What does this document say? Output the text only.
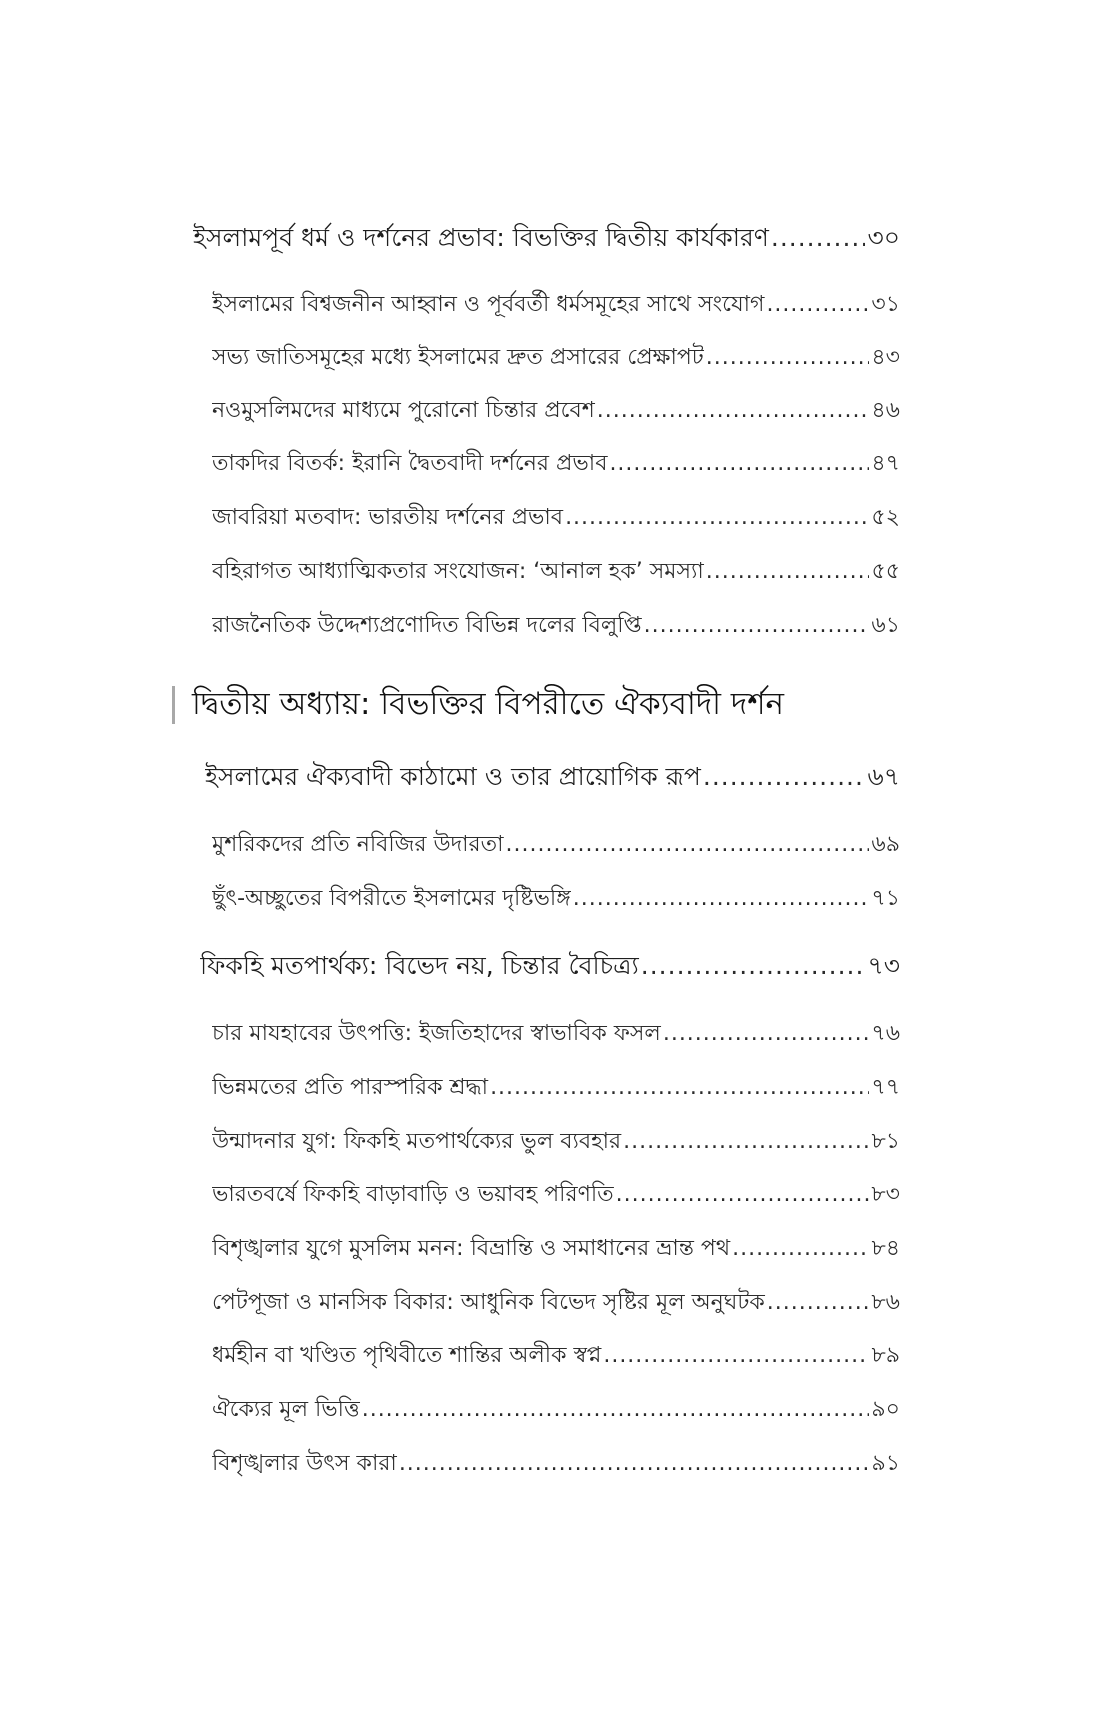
ইসলামপূর্ব ধর্ম ও দর্শনের প্রভাব: বিভক্তির দ্বিতীয় কার্যকারণ .....	৩০
ইসলামের বিশ্বজনীন আহ্বান ও পূর্ববর্তী ধর্মসমূহের সাথে সংযোগ .....	৩১
সভ্য জাতিসমূহের মধ্যে ইসলামের দ্রুত প্রসারের প্রেক্ষাপট .....	৪৩
নওমুসলিমদের মাধ্যমে পুরোনো চিন্তার প্রবেশ .....	৪৬
তাকদির বিতর্ক: ইরানি দ্বৈতবাদী দর্শনের প্রভাব .....	৪৭
জাবরিয়া মতবাদ: ভারতীয় দর্শনের প্রভাব .....	৫২
বহিরাগত আধ্যাত্মিকতার সংযোজন: ‘আনাল হক’ সমস্যা .....	৫৫
রাজনৈতিক উদ্দেশ্যপ্রণোদিত বিভিন্ন দলের বিলুপ্তি .....	৬১
দ্বিতীয় অধ্যায়: বিভক্তির বিপরীতে ঐক্যবাদী দর্শন
ইসলামের ঐক্যবাদী কাঠামো ও তার প্রায়োগিক রূপ .....	৬৭
মুশরিকদের প্রতি নবিজির উদারতা .....	৬৯
ছুঁৎ-অচ্ছুতের বিপরীতে ইসলামের দৃষ্টিভঙ্গি .....	৭১
ফিকহি মতপার্থক্য: বিভেদ নয়, চিন্তার বৈচিত্র্য .....	৭৩
চার মাযহাবের উৎপত্তি: ইজতিহাদের স্বাভাবিক ফসল .....	৭৬
ভিন্নমতের প্রতি পারস্পরিক শ্রদ্ধা .....	৭৭
উন্মাদনার যুগ: ফিকহি মতপার্থক্যের ভুল ব্যবহার .....	৮১
ভারতবর্ষে ফিকহি বাড়াবাড়ি ও ভয়াবহ পরিণতি .....	৮৩
বিশৃঙ্খলার যুগে মুসলিম মনন: বিভ্রান্তি ও সমাধানের ভ্রান্ত পথ .....	৮৪
পেটপূজা ও মানসিক বিকার: আধুনিক বিভেদ সৃষ্টির মূল অনুঘটক .....	৮৬
ধর্মহীন বা খণ্ডিত পৃথিবীতে শান্তির অলীক স্বপ্ন .....	৮৯
ঐক্যের মূল ভিত্তি .....	৯০
বিশৃঙ্খলার উৎস কারা .....	৯১
